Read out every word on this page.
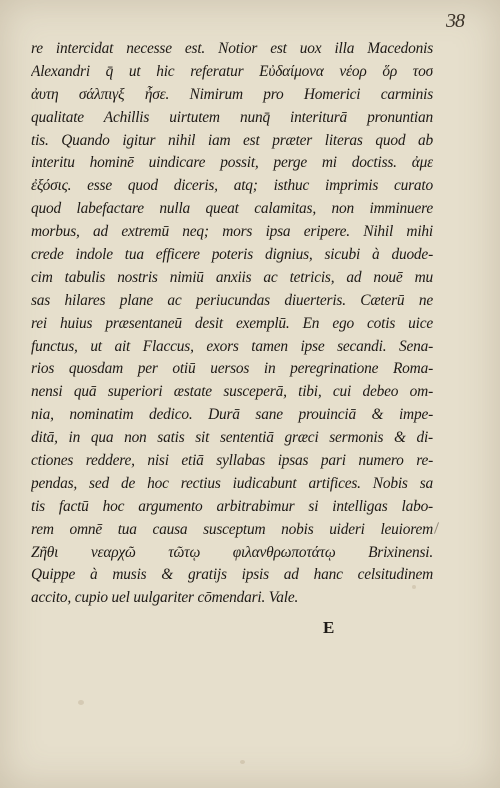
38
re intercidat necesse est. Notior est uox illa Macedonis
Alexandri q̄ ut hic referatur Εὐδαίμονα νέορ ὅρ τοσ
ἀυτη σάλπιγξ ἦσε. Nimirum pro Homerici carminis
qualitate Achillis uirtutem nunq̄ interiturā pronuntian
tis. Quando igitur nihil iam est præter literas quod ab
interitu hominē uindicare possit, perge mi doctiss. ἀμε
ἐξόσις. esse quod diceris, atq; isthuc imprimis curato
quod labefactare nulla queat calamitas, non imminuere
morbus, ad extremū neq; mors ipsa eripere. Nihil mihi
crede indole tua efficere poteris dignius, sicubi à duode-
cim tabulis nostris nimiū anxiis ac tetricis, ad nouē mu
sas hilares plane ac periucundas diuerteris. Cæterū ne
rei huius præsentaneū desit exemplū. En ego cotis uice
functus, ut ait Flaccus, exors tamen ipse secandi. Sena-
rios quosdam per otiū uersos in peregrinatione Roma-
nensi quā superiori æstate susceperā, tibi, cui debeo om-
nia, nominatim dedico. Durā sane prouinciā & impe-
ditā, in qua non satis sit sententiā græci sermonis & di-
ctiones reddere, nisi etiā syllabas ipsas pari numero re-
pendas, sed de hoc rectius iudicabunt artifices. Nobis sa
tis factū hoc argumento arbitrabimur si intelligas labo-
rem omnē tua causa susceptum nobis uideri leuiorem
Ζῆθι νεαρχῶ τῶτῳ φιλανθρωποτάτῳ Brixinensi.
Quippe à musis & gratijs ipsis ad hanc celsitudinem
accito, cupio uel uulgariter cōmendari. Vale.
E
